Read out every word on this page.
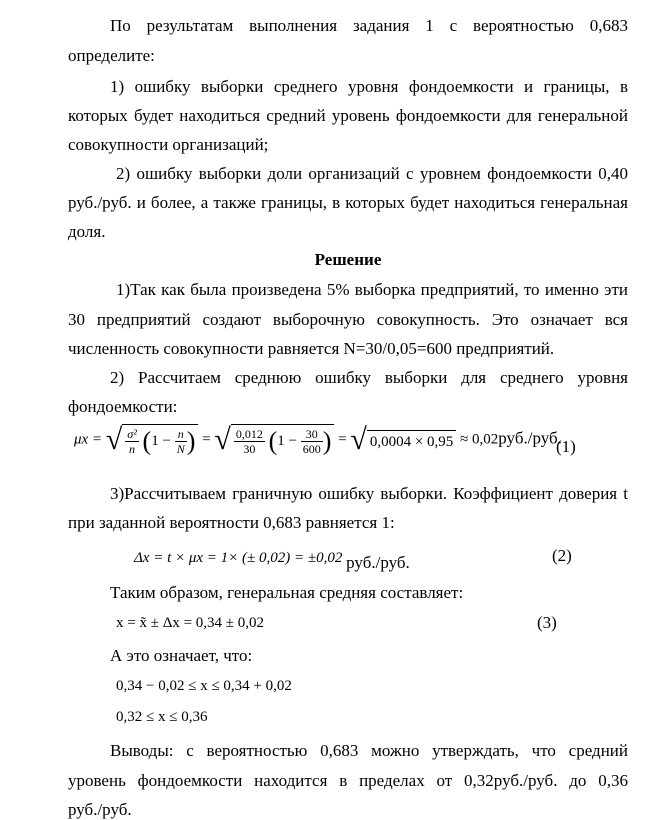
По результатам выполнения задания 1 с вероятностью 0,683
определите:
1) ошибку выборки среднего уровня фондоемкости и границы, в
которых будет находиться средний уровень фондоемкости для генеральной
совокупности организаций;
2) ошибку выборки доли организаций с уровнем фондоемкости 0,40
руб./руб. и более, а также границы, в которых будет находиться генеральная
доля.
Решение
1)Так как была произведена 5% выборка предприятий, то именно эти
30 предприятий создают выборочную совокупность. Это означает вся
численность совокупности равняется N=30/0,05=600 предприятий.
2) Рассчитаем среднюю ошибку выборки для среднего уровня
фондоемкости:
μx = √ $\frac{\text{σ²}}{n} (1 - \frac{n}{N}$ ) = √ $\frac{0,012}{30} (1 - \frac{30}{600}$ ) = √ 0,0004 × 0,95 ≈ 0,02руб./руб.
(1)
3)Рассчитываем граничную ошибку выборки. Коэффициент доверия t
при заданной вероятности 0,683 равняется 1:
Δx = t × μx = 1× (± 0,02) = ±0,02 руб./руб.	(2)
Таким образом, генеральная средняя составляет:
x = x̃ ± Δx = 0,34 ± 0,02	(3)
А это означает, что:
0,34 − 0,02 ≤ x ≤ 0,34 + 0,02
0,32 ≤ x ≤ 0,36
Выводы: с вероятностью 0,683 можно утверждать, что средний
уровень фондоемкости находится в пределах от 0,32руб./руб. до 0,36
руб./руб.
